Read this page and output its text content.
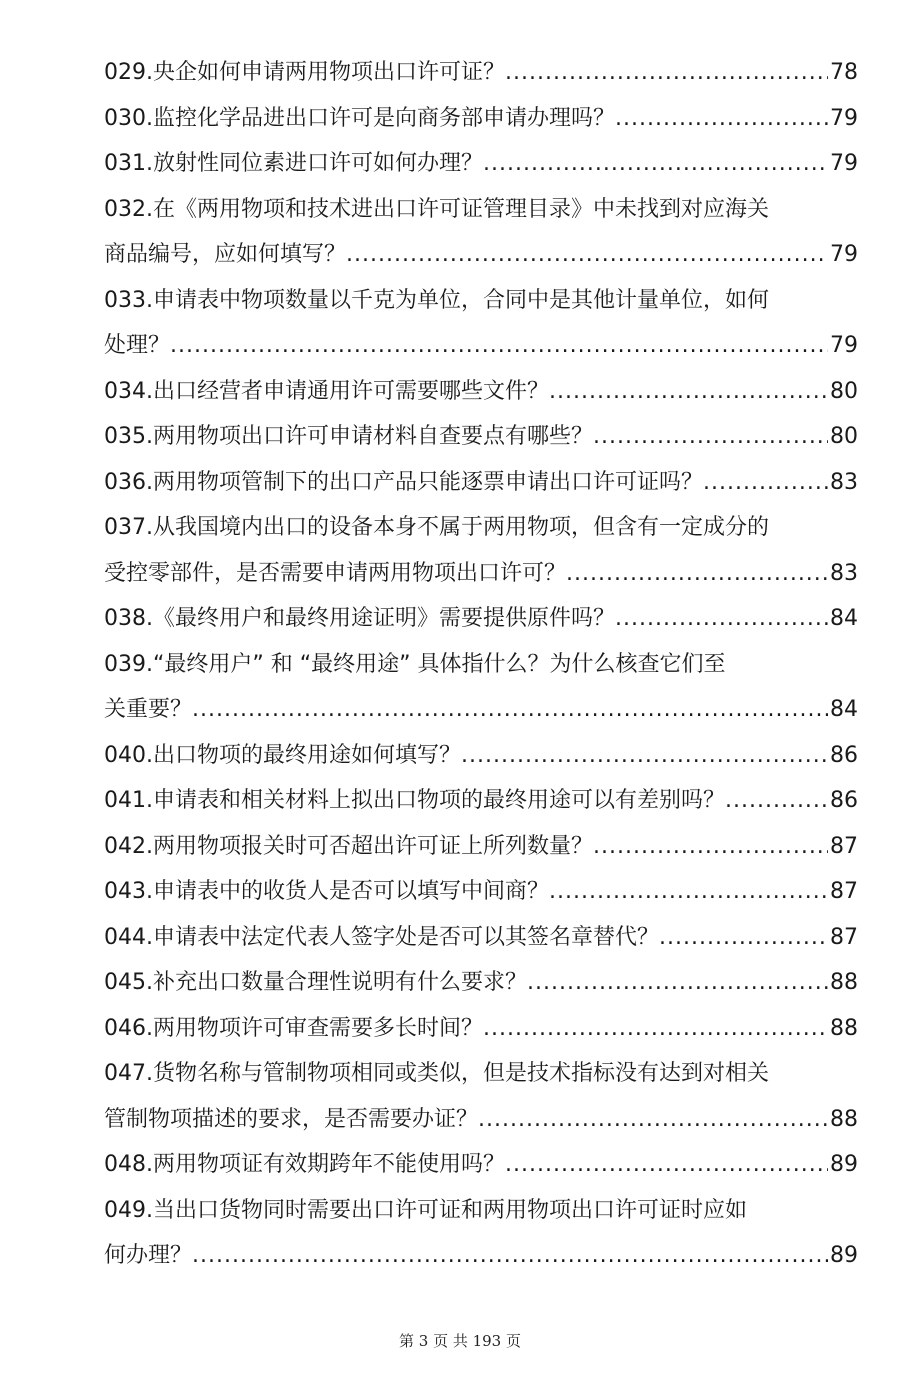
029.央企如何申请两用物项出口许可证？ .....	78
030.监控化学品进出口许可是向商务部申请办理吗？ .....	79
031.放射性同位素进口许可如何办理？ .....	79
032.在《两用物项和技术进出口许可证管理目录》中未找到对应海关
商品编号，应如何填写？ .....	79
033.申请表中物项数量以千克为单位，合同中是其他计量单位，如何
处理？ .....	79
034.出口经营者申请通用许可需要哪些文件？ .....	80
035.两用物项出口许可申请材料自查要点有哪些？ .....	80
036.两用物项管制下的出口产品只能逐票申请出口许可证吗？ .....	83
037.从我国境内出口的设备本身不属于两用物项，但含有一定成分的
受控零部件，是否需要申请两用物项出口许可？ .....	83
038.《最终用户和最终用途证明》需要提供原件吗？ .....	84
039.“最终用户” 和 “最终用途” 具体指什么？为什么核查它们至
关重要？ .....	84
040.出口物项的最终用途如何填写？ .....	86
041.申请表和相关材料上拟出口物项的最终用途可以有差别吗？ .....	86
042.两用物项报关时可否超出许可证上所列数量？ .....	87
043.申请表中的收货人是否可以填写中间商？ .....	87
044.申请表中法定代表人签字处是否可以其签名章替代？ .....	87
045.补充出口数量合理性说明有什么要求？ .....	88
046.两用物项许可审查需要多长时间？ .....	88
047.货物名称与管制物项相同或类似，但是技术指标没有达到对相关
管制物项描述的要求，是否需要办证？ .....	88
048.两用物项证有效期跨年不能使用吗？ .....	89
049.当出口货物同时需要出口许可证和两用物项出口许可证时应如
何办理？ .....	89
第 3 页 共 193 页
